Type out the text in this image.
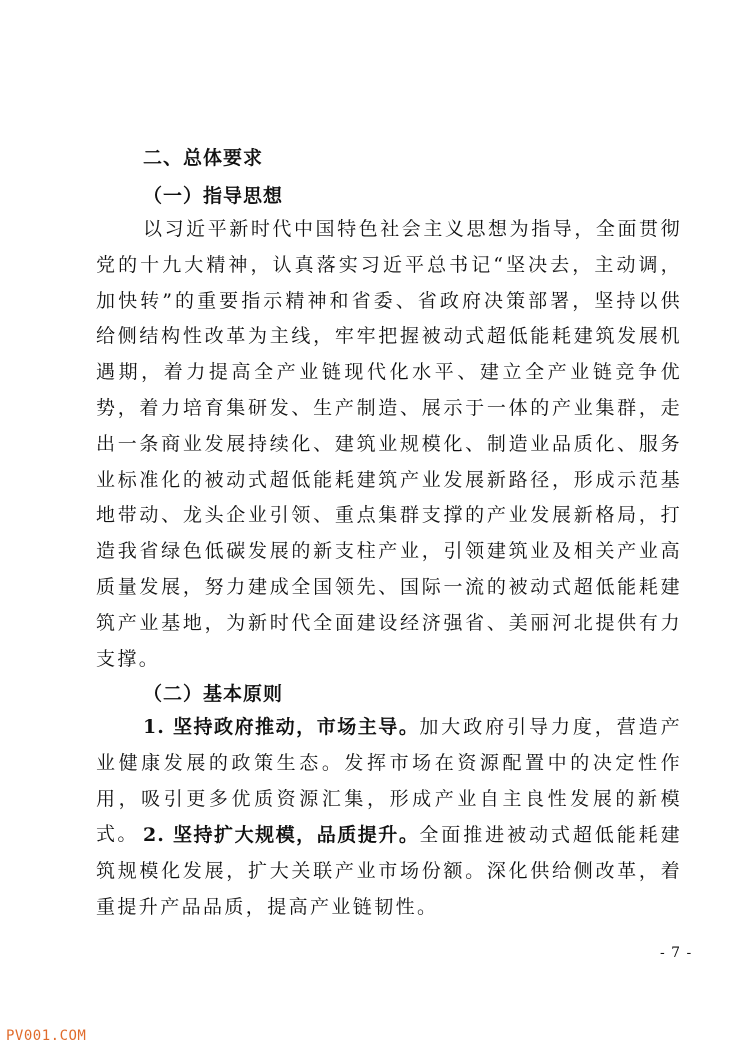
二、总体要求
（一）指导思想
以习近平新时代中国特色社会主义思想为指导，全面贯彻党的十九大精神，认真落实习近平总书记“坚决去，主动调，加快转”的重要指示精神和省委、省政府决策部署，坚持以供给侧结构性改革为主线，牢牢把握被动式超低能耗建筑发展机遇期，着力提高全产业链现代化水平、建立全产业链竞争优势，着力培育集研发、生产制造、展示于一体的产业集群，走出一条商业发展持续化、建筑业规模化、制造业品质化、服务业标准化的被动式超低能耗建筑产业发展新路径，形成示范基地带动、龙头企业引领、重点集群支撑的产业发展新格局，打造我省绿色低碳发展的新支柱产业，引领建筑业及相关产业高质量发展，努力建成全国领先、国际一流的被动式超低能耗建筑产业基地，为新时代全面建设经济强省、美丽河北提供有力支撑。
（二）基本原则
1. 坚持政府推动，市场主导。加大政府引导力度，营造产业健康发展的政策生态。发挥市场在资源配置中的决定性作用，吸引更多优质资源汇集，形成产业自主良性发展的新模式。 2. 坚持扩大规模，品质提升。全面推进被动式超低能耗建筑规模化发展，扩大关联产业市场份额。深化供给侧改革，着重提升产品品质，提高产业链韧性。
- 7 -
PV001.COM
